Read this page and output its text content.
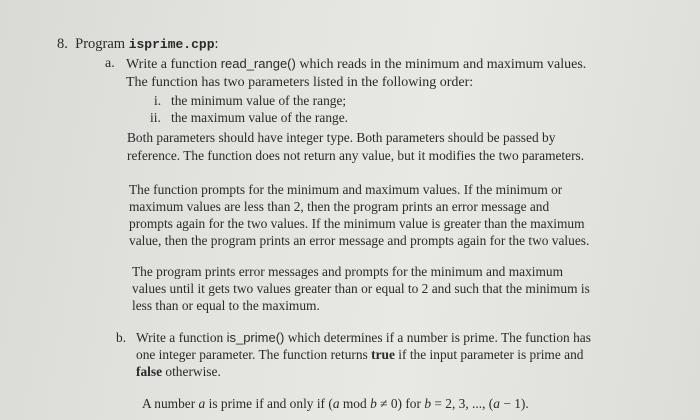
8. Program isprime.cpp:
a. Write a function read_range() which reads in the minimum and maximum values.
The function has two parameters listed in the following order:
i. the minimum value of the range;
ii. the maximum value of the range.
Both parameters should have integer type. Both parameters should be passed by
reference. The function does not return any value, but it modifies the two parameters.
The function prompts for the minimum and maximum values. If the minimum or
maximum values are less than 2, then the program prints an error message and
prompts again for the two values. If the minimum value is greater than the maximum
value, then the program prints an error message and prompts again for the two values.
The program prints error messages and prompts for the minimum and maximum
values until it gets two values greater than or equal to 2 and such that the minimum is
less than or equal to the maximum.
b. Write a function is_prime() which determines if a number is prime. The function has
one integer parameter. The function returns true if the input parameter is prime and
false otherwise.
A number a is prime if and only if (a mod b ≠ 0) for b = 2, 3, ..., (a − 1).
